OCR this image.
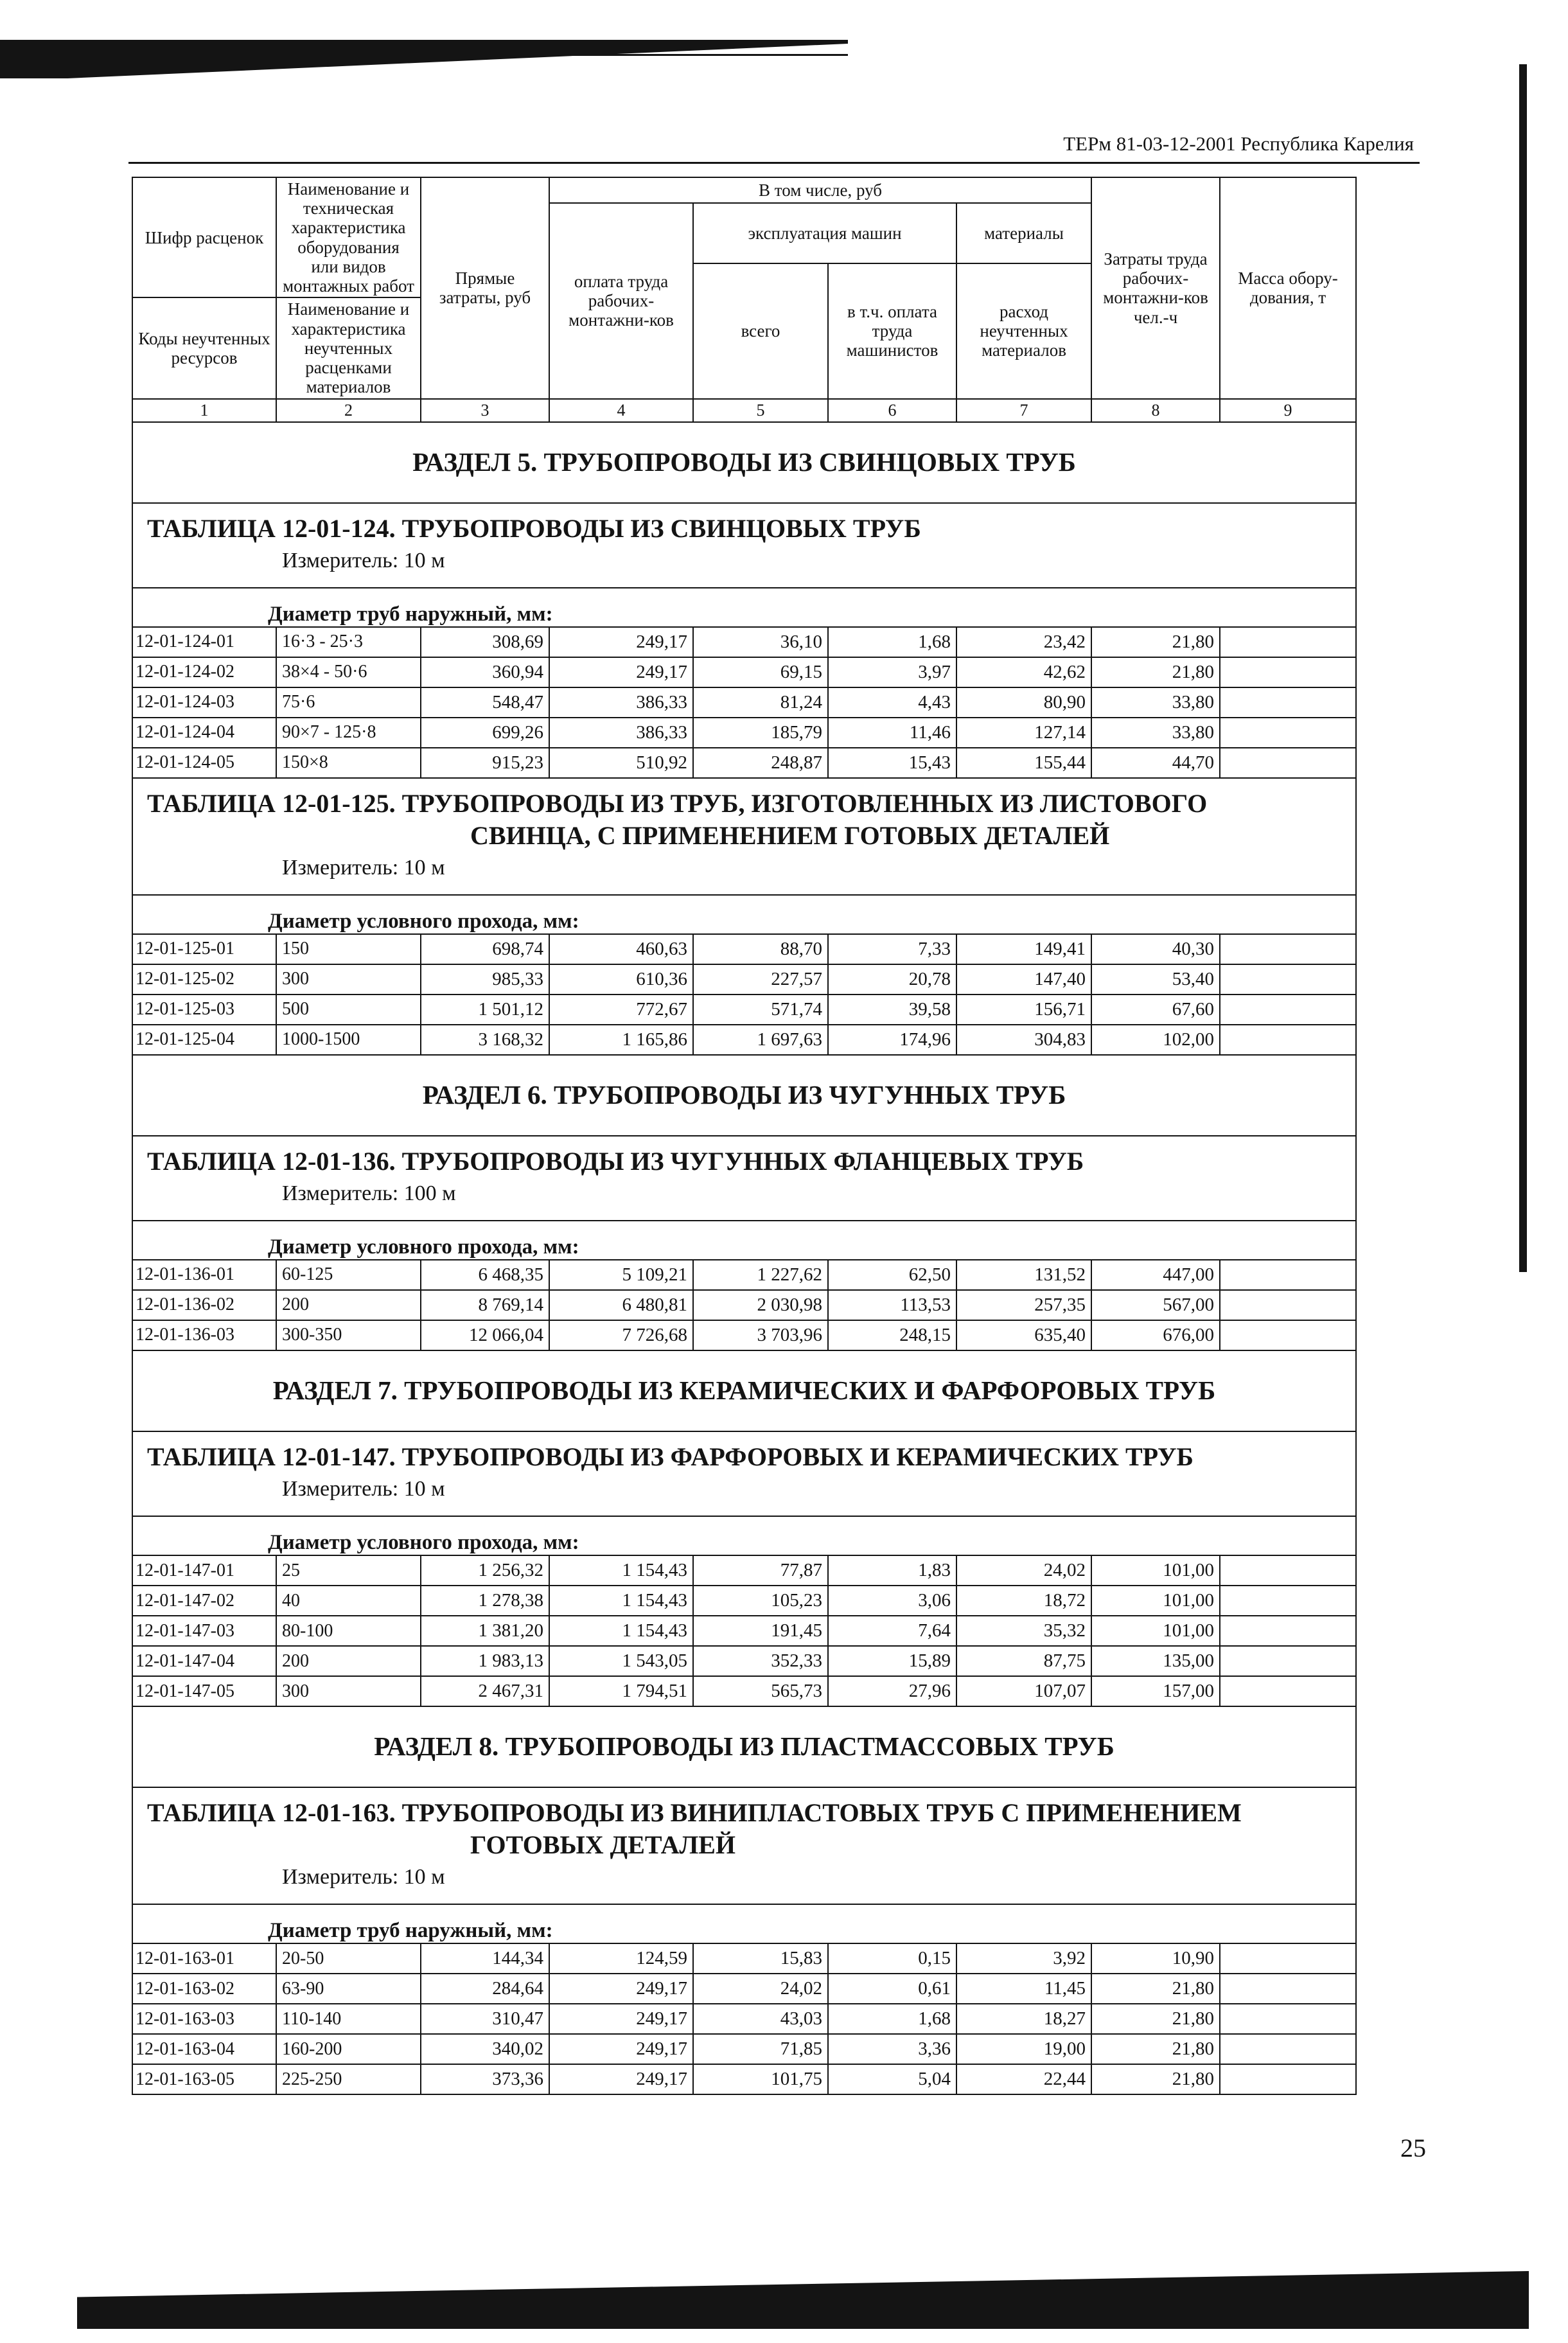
ТЕРм 81-03-12-2001 Республика Карелия
Шифр расценок	Наименование и техническая характеристика оборудования или видов монтажных работ	Прямые затраты, руб	В том числе, руб				Затраты труда рабочих-монтажни-ков чел.-ч	Масса обору-дования, т
			оплата труда рабочих-монтажни-ков	эксплуатация машин		материалы		
				всего	в т.ч. оплата труда машинистов	расход неучтенных материалов		
Коды неучтенных ресурсов	Наименование и характеристика неучтенных расценками материалов							

1	2	3	4	5	6	7	8	9
РАЗДЕЛ 5. ТРУБОПРОВОДЫ ИЗ СВИНЦОВЫХ ТРУБ								

ТАБЛИЦА 12-01-124. ТРУБОПРОВОДЫ ИЗ СВИНЦОВЫХ ТРУБ
Измеритель: 10 м								

Диаметр труб наружный, мм:								

12-01-124-01	16·3 - 25·3	308,69	249,17	36,10	1,68	23,42	21,80	
12-01-124-02	38×4 - 50·6	360,94	249,17	69,15	3,97	42,62	21,80	
12-01-124-03	75·6	548,47	386,33	81,24	4,43	80,90	33,80	
12-01-124-04	90×7 - 125·8	699,26	386,33	185,79	11,46	127,14	33,80	
12-01-124-05	150×8	915,23	510,92	248,87	15,43	155,44	44,70	

ТАБЛИЦА 12-01-125. ТРУБОПРОВОДЫ ИЗ ТРУБ, ИЗГОТОВЛЕННЫХ ИЗ ЛИСТОВОГО
СВИНЦА, С ПРИМЕНЕНИЕМ ГОТОВЫХ ДЕТАЛЕЙ
Измеритель: 10 м								

Диаметр условного прохода, мм:								

12-01-125-01	150	698,74	460,63	88,70	7,33	149,41	40,30	
12-01-125-02	300	985,33	610,36	227,57	20,78	147,40	53,40	
12-01-125-03	500	1 501,12	772,67	571,74	39,58	156,71	67,60	
12-01-125-04	1000-1500	3 168,32	1 165,86	1 697,63	174,96	304,83	102,00	
РАЗДЕЛ 6. ТРУБОПРОВОДЫ ИЗ ЧУГУННЫХ ТРУБ								

ТАБЛИЦА 12-01-136. ТРУБОПРОВОДЫ ИЗ ЧУГУННЫХ ФЛАНЦЕВЫХ ТРУБ
Измеритель: 100 м								

Диаметр условного прохода, мм:								

12-01-136-01	60-125	6 468,35	5 109,21	1 227,62	62,50	131,52	447,00	
12-01-136-02	200	8 769,14	6 480,81	2 030,98	113,53	257,35	567,00	
12-01-136-03	300-350	12 066,04	7 726,68	3 703,96	248,15	635,40	676,00	
РАЗДЕЛ 7. ТРУБОПРОВОДЫ ИЗ КЕРАМИЧЕСКИХ И ФАРФОРОВЫХ ТРУБ								

ТАБЛИЦА 12-01-147. ТРУБОПРОВОДЫ ИЗ ФАРФОРОВЫХ И КЕРАМИЧЕСКИХ ТРУБ
Измеритель: 10 м								

Диаметр условного прохода, мм:								

12-01-147-01	25	1 256,32	1 154,43	77,87	1,83	24,02	101,00	
12-01-147-02	40	1 278,38	1 154,43	105,23	3,06	18,72	101,00	
12-01-147-03	80-100	1 381,20	1 154,43	191,45	7,64	35,32	101,00	
12-01-147-04	200	1 983,13	1 543,05	352,33	15,89	87,75	135,00	
12-01-147-05	300	2 467,31	1 794,51	565,73	27,96	107,07	157,00	
РАЗДЕЛ 8. ТРУБОПРОВОДЫ ИЗ ПЛАСТМАССОВЫХ ТРУБ								

ТАБЛИЦА 12-01-163. ТРУБОПРОВОДЫ ИЗ ВИНИПЛАСТОВЫХ ТРУБ С ПРИМЕНЕНИЕМ
ГОТОВЫХ ДЕТАЛЕЙ
Измеритель: 10 м								

Диаметр труб наружный, мм:								

12-01-163-01	20-50	144,34	124,59	15,83	0,15	3,92	10,90	
12-01-163-02	63-90	284,64	249,17	24,02	0,61	11,45	21,80	
12-01-163-03	110-140	310,47	249,17	43,03	1,68	18,27	21,80	
12-01-163-04	160-200	340,02	249,17	71,85	3,36	19,00	21,80	
12-01-163-05	225-250	373,36	249,17	101,75	5,04	22,44	21,80	
25
